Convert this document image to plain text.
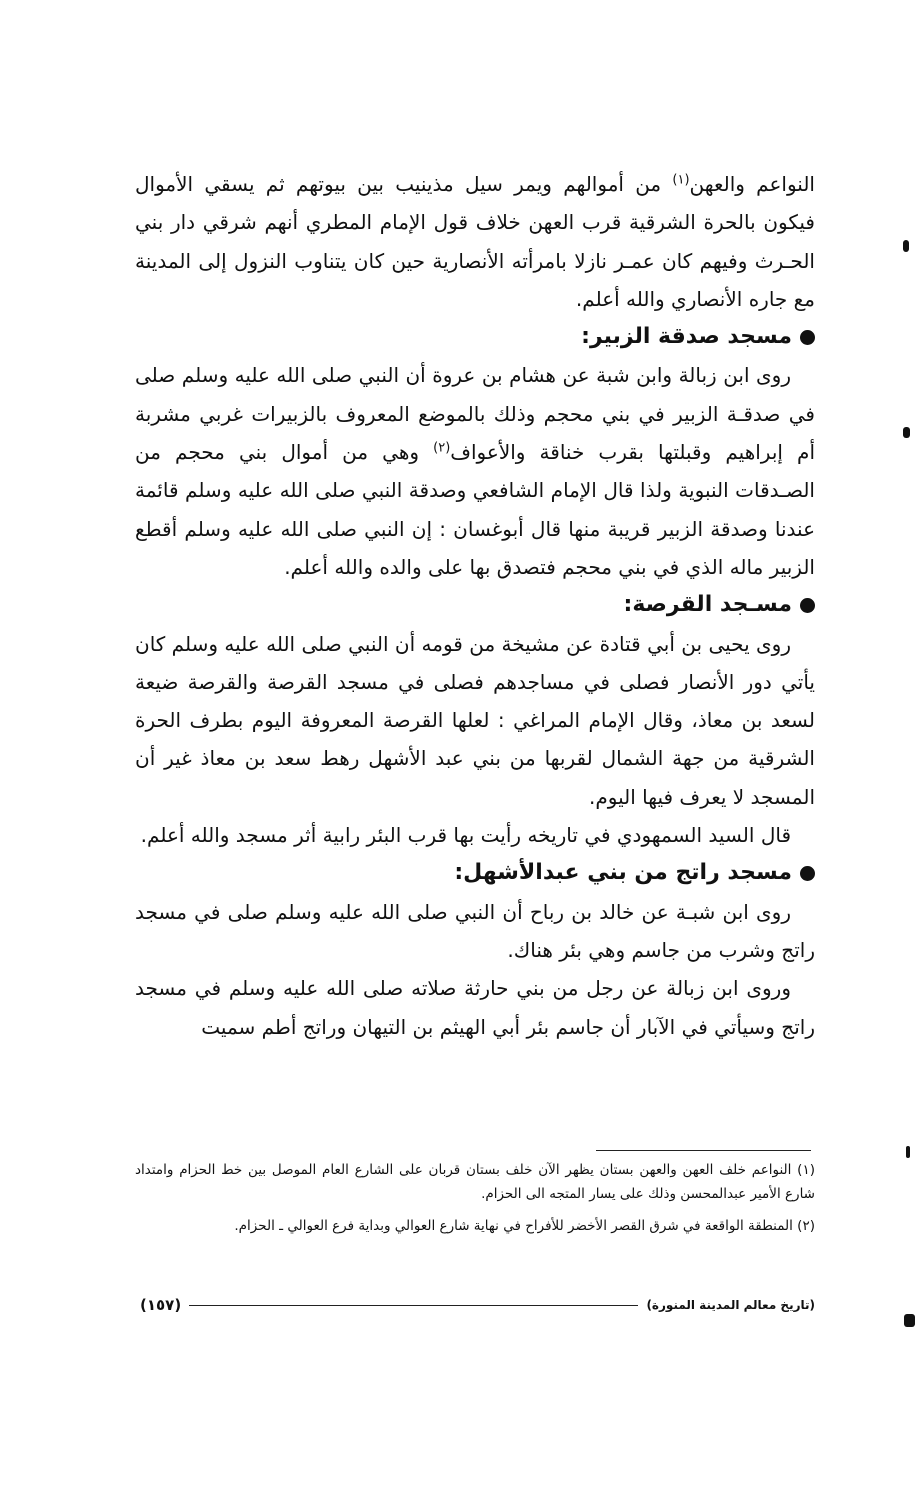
النواعم والعهن$^{(١)}$ من أموالهم ويمر سيل مذينيب بين بيوتهم ثم يسقي الأموال فيكون بالحرة الشرقية قرب العهن خلاف قول الإمام المطري أنهم شرقي دار بني الحـرث وفيهم كان عمـر نازلا بامرأته الأنصارية حين كان يتناوب النزول إلى المدينة مع جاره الأنصاري والله أعلم.

مسجد صدقة الزبير:

روى ابن زبالة وابن شبة عن هشام بن عروة أن النبي صلى الله عليه وسلم صلى في صدقـة الزبير في بني محجم وذلك بالموضع المعروف بالزبيرات غربي مشربة أم إبراهيم وقبلتها بقرب خناقة والأعواف$^{(٢)}$ وهي من أموال بني محجم من الصـدقات النبوية ولذا قال الإمام الشافعي وصدقة النبي صلى الله عليه وسلم قائمة عندنا وصدقة الزبير قريبة منها قال أبوغسان : إن النبي صلى الله عليه وسلم أقطع الزبير ماله الذي في بني محجم فتصدق بها على والده والله أعلم.

مسـجد القرصة:

روى يحيى بن أبي قتادة عن مشيخة من قومه أن النبي صلى الله عليه وسلم كان يأتي دور الأنصار فصلى في مساجدهم فصلى في مسجد القرصة والقرصة ضيعة لسعد بن معاذ، وقال الإمام المراغي : لعلها القرصة المعروفة اليوم بطرف الحرة الشرقية من جهة الشمال لقربها من بني عبد الأشهل رهط سعد بن معاذ غير أن المسجد لا يعرف فيها اليوم.

قال السيد السمهودي في تاريخه رأيت بها قرب البئر رابية أثر مسجد والله أعلم.

مسجد راتج من بني عبدالأشهل:

روى ابن شبـة عن خالد بن رباح أن النبي صلى الله عليه وسلم صلى في مسجد راتج وشرب من جاسم وهي بئر هناك.

وروى ابن زبالة عن رجل من بني حارثة صلاته صلى الله عليه وسلم في مسجد راتج وسيأتي في الآبار أن جاسم بئر أبي الهيثم بن التيهان وراتج أطم سميت

(١) النواعم خلف العهن والعهن بستان يظهر الآن خلف بستان قربان على الشارع العام الموصل بين خط الحزام وامتداد شارع الأمير عبدالمحسن وذلك على يسار المتجه الى الحزام.

(٢) المنطقة الواقعة في شرق القصر الأخضر للأفراح في نهاية شارع العوالي وبداية فرع العوالي ـ الحزام.

(تاريخ معالم المدينة المنورة)
(١٥٧)
